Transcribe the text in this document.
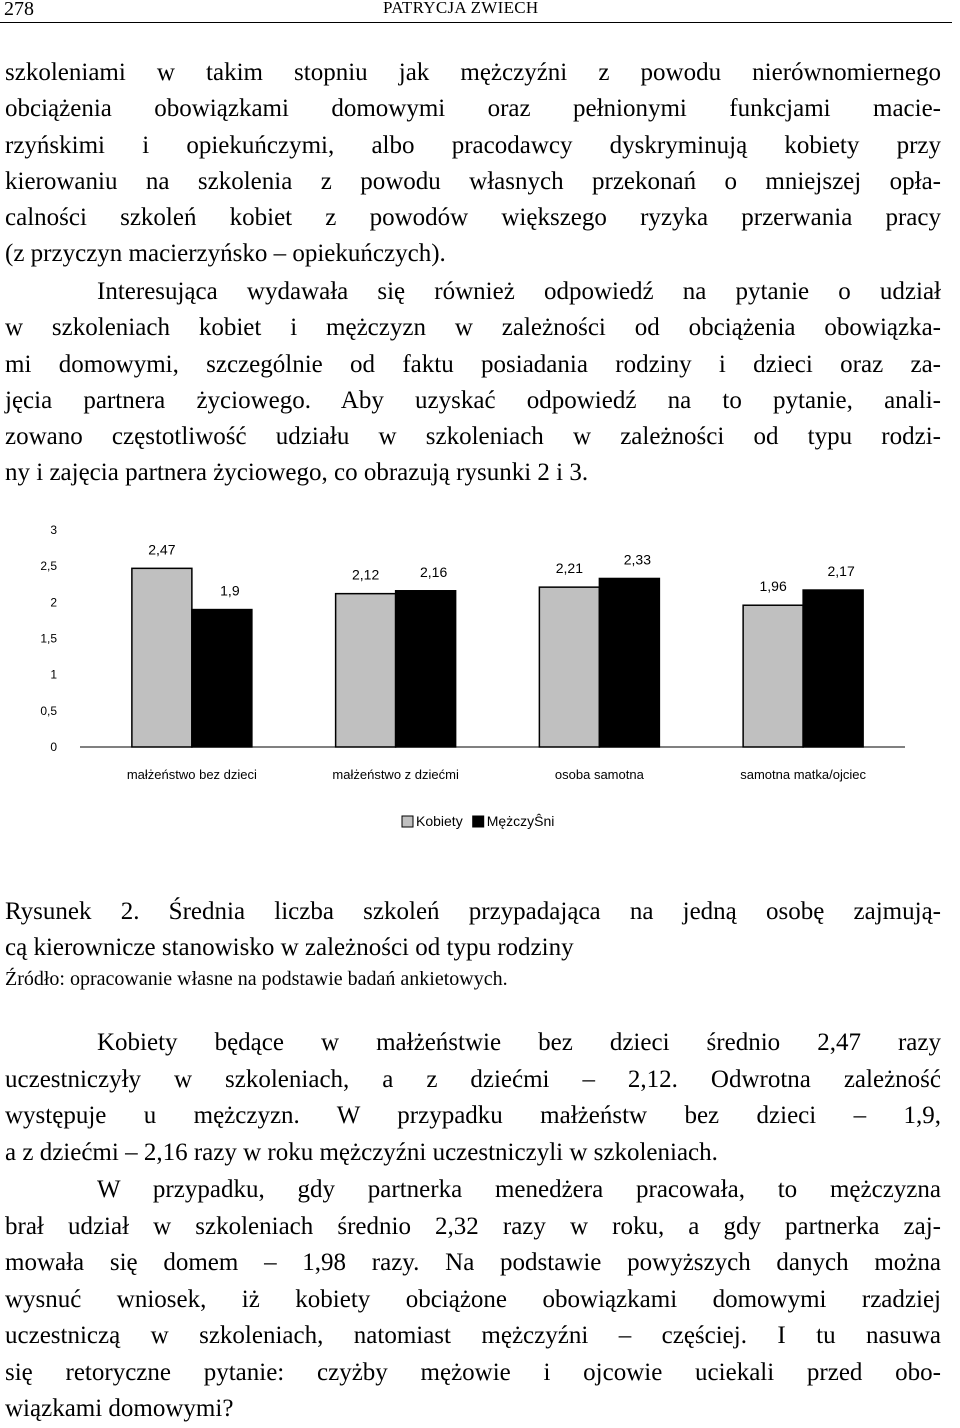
278	PATRYCJA ZWIECH
szkoleniami w takim stopniu jak mężczyźni z powodu nierównomiernego
obciążenia obowiązkami domowymi oraz pełnionymi funkcjami macie-
rzyńskimi i opiekuńczymi, albo pracodawcy dyskryminują kobiety przy
kierowaniu na szkolenia z powodu własnych przekonań o mniejszej opła-
calności szkoleń kobiet z powodów większego ryzyka przerwania pracy
(z przyczyn macierzyńsko – opiekuńczych).
Interesująca wydawała się również odpowiedź na pytanie o udział
w szkoleniach kobiet i mężczyzn w zależności od obciążenia obowiązka-
mi domowymi, szczególnie od faktu posiadania rodziny i dzieci oraz za-
jęcia partnera życiowego. Aby uzyskać odpowiedź na to pytanie, anali-
zowano częstotliwość udziału w szkoleniach w zależności od typu rodzi-
ny i zajęcia partnera życiowego, co obrazują rysunki 2 i 3.
0
0,5
1
1,5
2
2,5
3
2,47
1,9
2,12	2,16	2,21
2,33
1,96
2,17
małżeństwo bez dzieci	małżeństwo z dziećmi	osoba samotna	samotna matka/ojciec
Kobiety MężczyŜni
Rysunek 2. Średnia liczba szkoleń przypadająca na jedną osobę zajmują-
cą kierownicze stanowisko w zależności od typu rodziny
Źródło: opracowanie własne na podstawie badań ankietowych.
Kobiety będące w małżeństwie bez dzieci średnio 2,47 razy
uczestniczyły w szkoleniach, a z dziećmi – 2,12. Odwrotna zależność
występuje u mężczyzn. W przypadku małżeństw bez dzieci – 1,9,
a z dziećmi – 2,16 razy w roku mężczyźni uczestniczyli w szkoleniach.
W przypadku, gdy partnerka menedżera pracowała, to mężczyzna
brał udział w szkoleniach średnio 2,32 razy w roku, a gdy partnerka zaj-
mowała się domem – 1,98 razy. Na podstawie powyższych danych można
wysnuć wniosek, iż kobiety obciążone obowiązkami domowymi rzadziej
uczestniczą w szkoleniach, natomiast mężczyźni – częściej. I tu nasuwa
się retoryczne pytanie: czyżby mężowie i ojcowie uciekali przed obo-
wiązkami domowymi?
